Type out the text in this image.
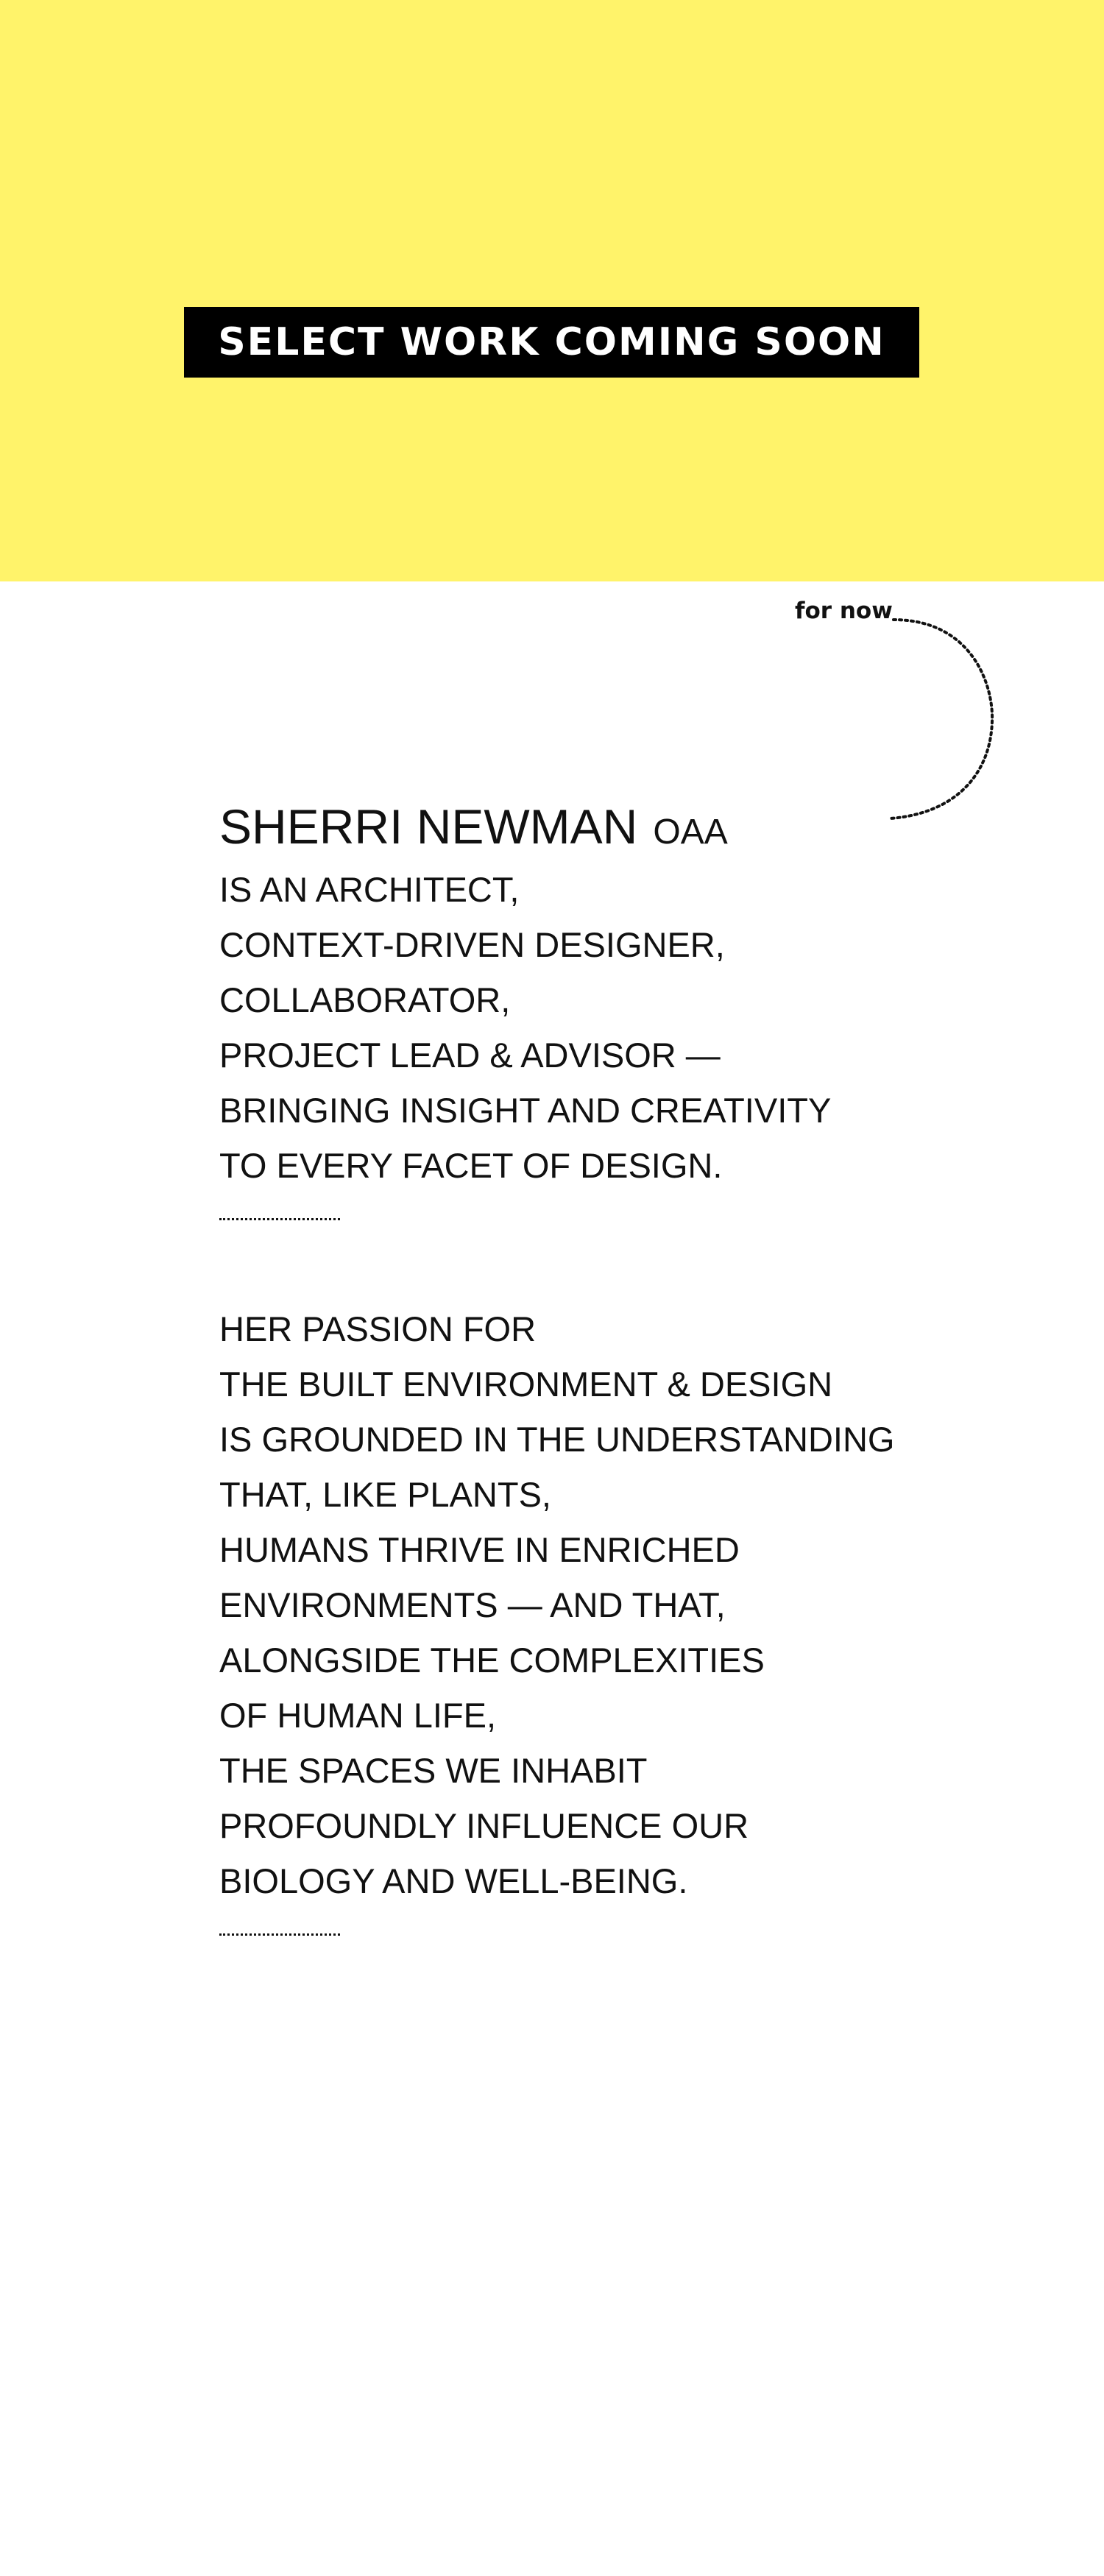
SELECT WORK COMING SOON
for now
SHERRI NEWMAN OAA
IS AN ARCHITECT,
CONTEXT-DRIVEN DESIGNER,
COLLABORATOR,
PROJECT LEAD & ADVISOR —
BRINGING INSIGHT AND CREATIVITY
TO EVERY FACET OF DESIGN.
HER PASSION FOR
THE BUILT ENVIRONMENT & DESIGN
IS GROUNDED IN THE UNDERSTANDING
THAT, LIKE PLANTS,
HUMANS THRIVE IN ENRICHED
ENVIRONMENTS — AND THAT,
ALONGSIDE THE COMPLEXITIES
OF HUMAN LIFE,
THE SPACES WE INHABIT
PROFOUNDLY INFLUENCE OUR
BIOLOGY AND WELL-BEING.
